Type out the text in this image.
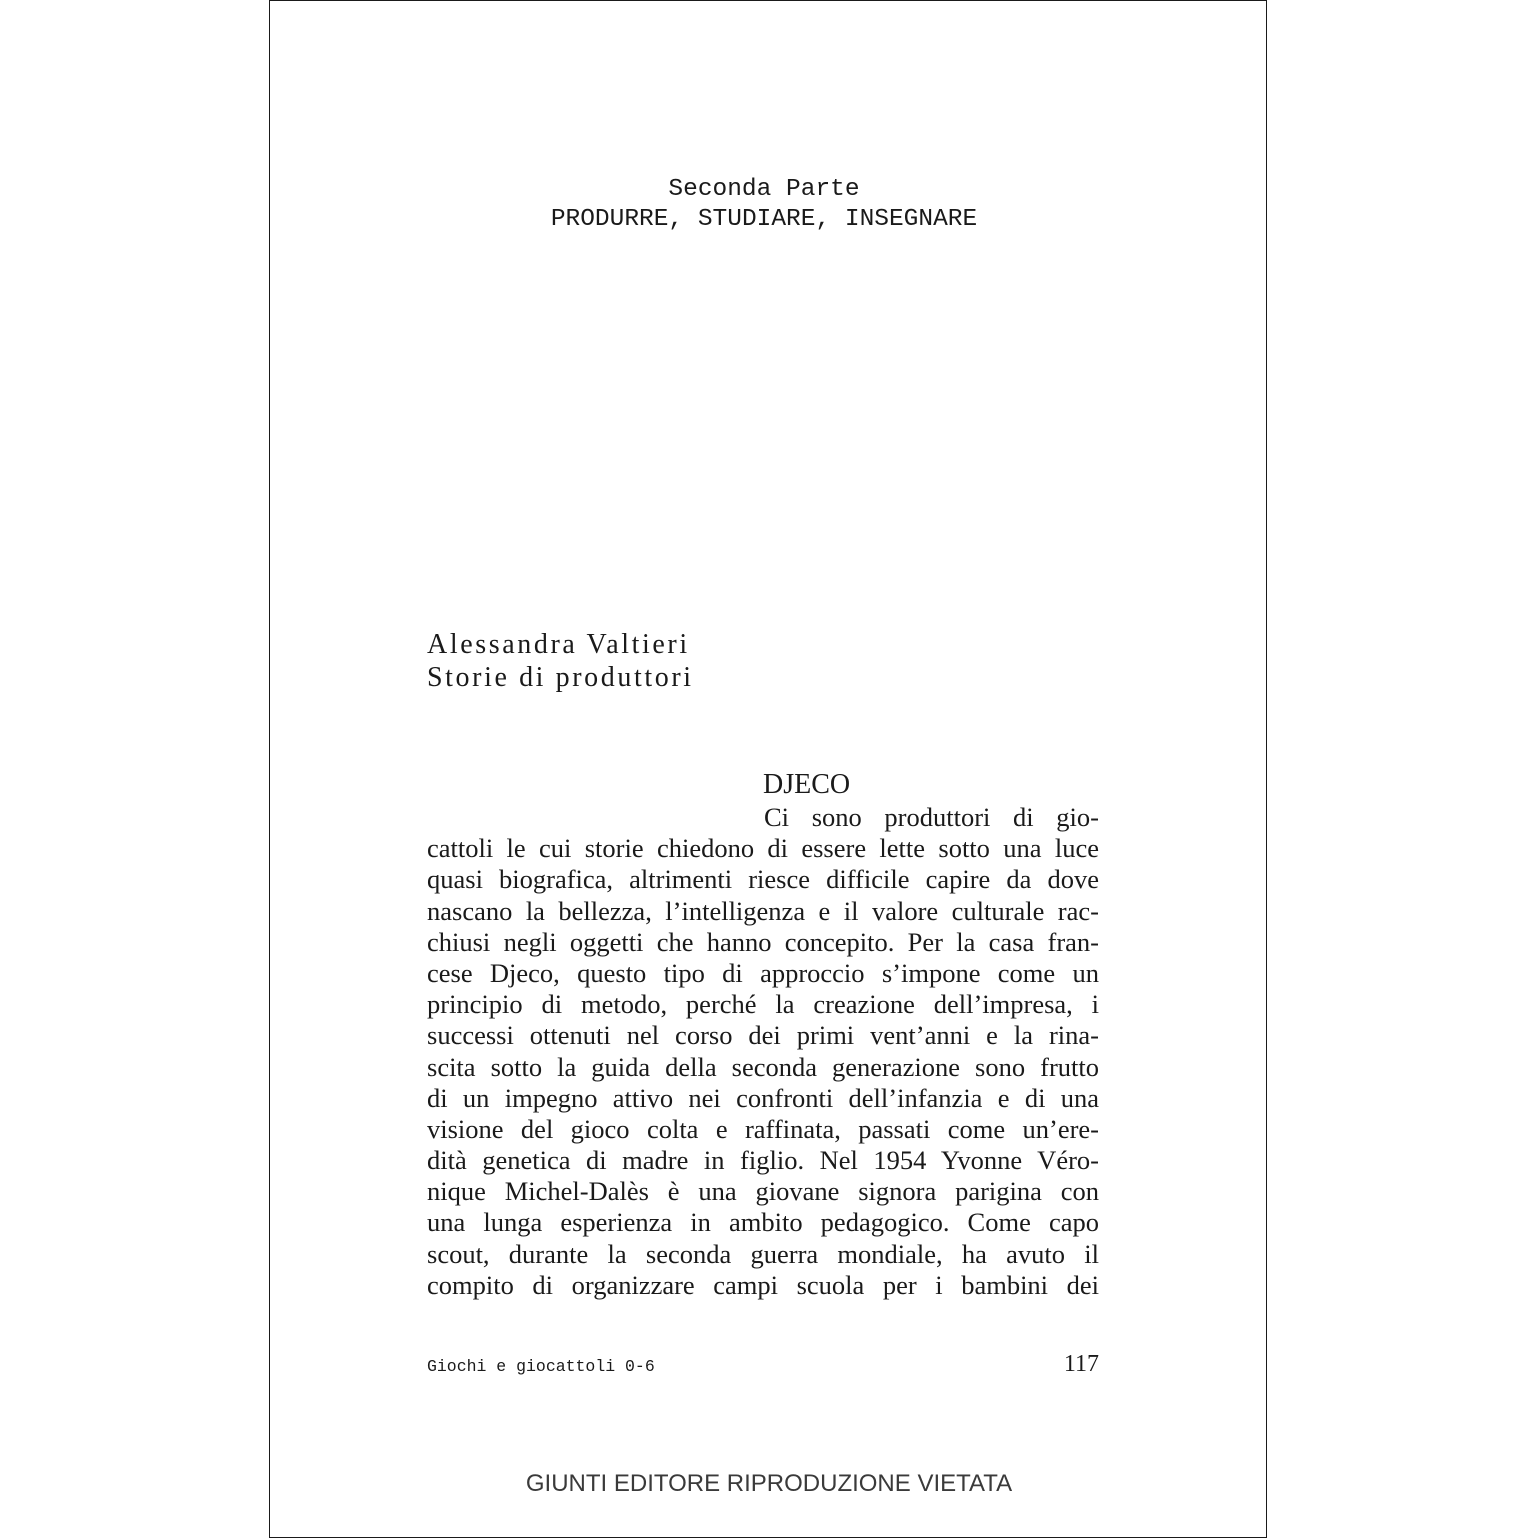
Seconda Parte
PRODURRE, STUDIARE, INSEGNARE
Alessandra Valtieri
Storie di produttori
DJECO
Ci sono produttori di gio-
cattoli le cui storie chiedono di essere lette sotto una luce
quasi biografica, altrimenti riesce difficile capire da dove
nascano la bellezza, l’intelligenza e il valore culturale rac-
chiusi negli oggetti che hanno concepito. Per la casa fran-
cese Djeco, questo tipo di approccio s’impone come un
principio di metodo, perché la creazione dell’impresa, i
successi ottenuti nel corso dei primi vent’anni e la rina-
scita sotto la guida della seconda generazione sono frutto
di un impegno attivo nei confronti dell’infanzia e di una
visione del gioco colta e raffinata, passati come un’ere-
dità genetica di madre in figlio. Nel 1954 Yvonne Véro-
nique Michel-Dalès è una giovane signora parigina con
una lunga esperienza in ambito pedagogico. Come capo
scout, durante la seconda guerra mondiale, ha avuto il
compito di organizzare campi scuola per i bambini dei
Giochi e giocattoli 0-6	117
GIUNTI EDITORE RIPRODUZIONE VIETATA
